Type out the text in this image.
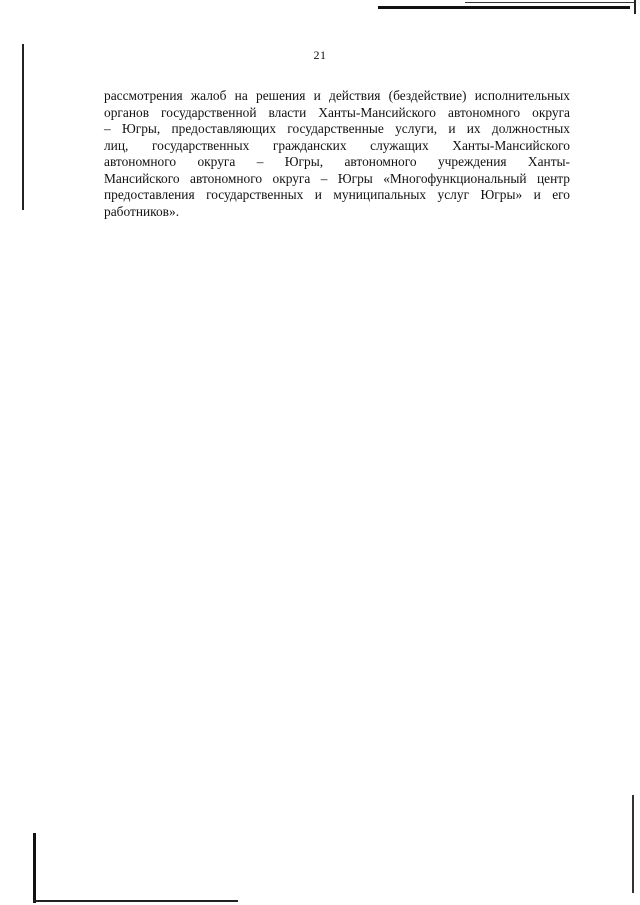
21

рассмотрения жалоб на решения и действия (бездействие) исполнительных
органов государственной власти Ханты-Мансийского автономного округа
– Югры, предоставляющих государственные услуги, и их должностных
лиц, государственных гражданских служащих Ханты-Мансийского
автономного округа – Югры, автономного учреждения Ханты-
Мансийского автономного округа – Югры «Многофункциональный центр
предоставления государственных и муниципальных услуг Югры» и его
работников».
